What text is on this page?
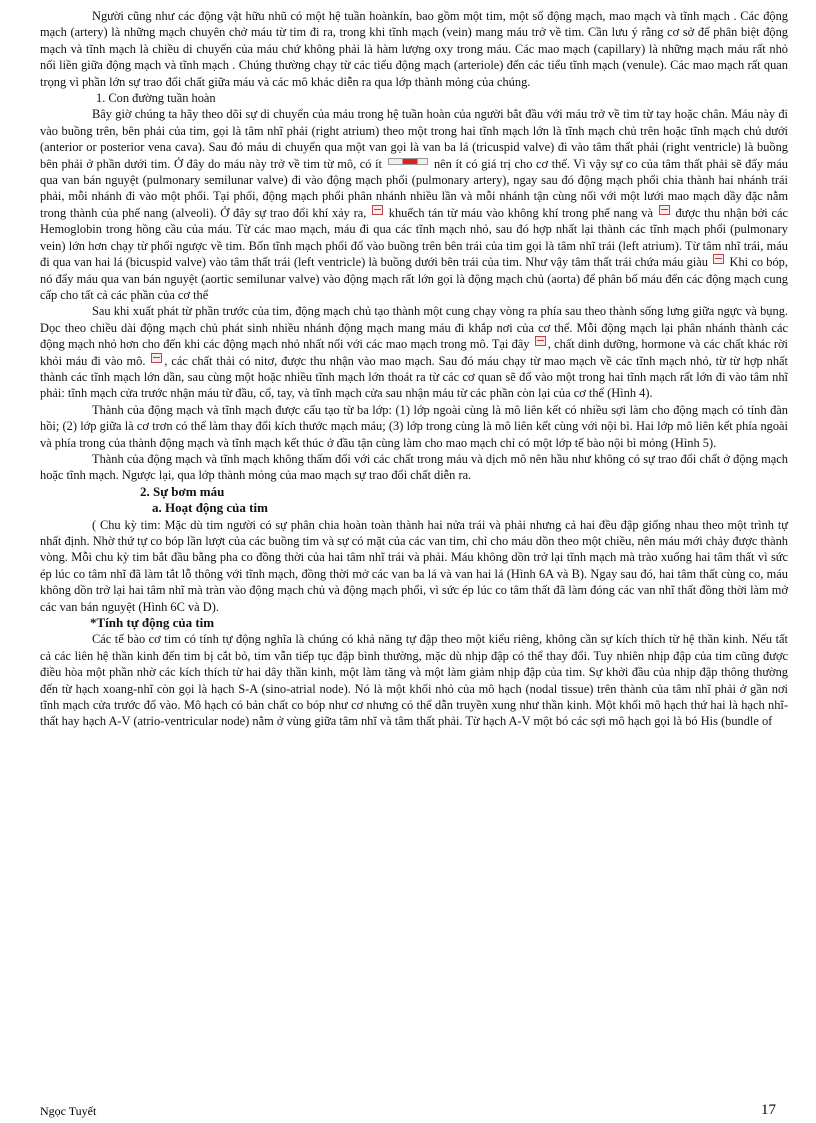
Người cũng như các động vật hữu nhũ có một hệ tuần hoànkín, bao gồm một tim, một số động mạch, mao mạch và tĩnh mạch . Các động mạch (artery) là những mạch chuyên chở máu từ tim đi ra, trong khi tĩnh mạch (vein) mang máu trở về tim. Cần lưu ý rằng cơ sở để phân biệt động mạch và tĩnh mạch là chiều di chuyển của máu chứ không phải là hàm lượng oxy trong máu. Các mao mạch (capillary) là những mạch máu rất nhỏ nối liền giữa động mạch và tĩnh mạch . Chúng thường chạy từ các tiểu động mạch (arteriole) đến các tiểu tĩnh mạch (venule). Các mao mạch rất quan trọng vì phần lớn sự trao đổi chất giữa máu và các mô khác diễn ra qua lớp thành mỏng của chúng.

1. Con đường tuần hoàn

Bây giờ chúng ta hãy theo dõi sự di chuyển của máu trong hệ tuần hoàn của người bắt đầu với máu trở về tim từ tay hoặc chân. Máu này đi vào buồng trên, bên phải của tim, gọi là tâm nhĩ phải (right atrium) theo một trong hai tĩnh mạch lớn là tĩnh mạch chủ trên hoặc tĩnh mạch chủ dưới (anterior or posterior vena cava). Sau đó máu di chuyển qua một van gọi là van ba lá (tricuspid valve) đi vào tâm thất phải (right ventricle) là buồng bên phải ở phần dưới tim. Ở đây do máu này trở về tim từ mô, có ít	nên ít có giá trị cho cơ thể. Vì vậy sự co của tâm thất phải sẽ đẩy máu qua van bán nguyệt (pulmonary semilunar valve) đi vào động mạch phổi (pulmonary artery), ngay sau đó động mạch phổi chia thành hai nhánh trái phải, mỗi nhánh đi vào một phổi. Tại phổi, động mạch phổi phân nhánh nhiều lần và mỗi nhánh tận cùng nối với một lưới mao mạch dầy đặc nằm trong thành của phế nang (alveoli). Ở đây sự trao đổi khí xảy ra, khuếch tán từ máu vào không khí trong phế nang và được thu nhận bởi các Hemoglobin trong hồng cầu của máu. Từ các mao mạch, máu đi qua các tĩnh mạch nhỏ, sau đó hợp nhất lại thành các tĩnh mạch phổi (pulmonary vein) lớn hơn chạy từ phổi ngược về tim. Bốn tĩnh mạch phổi đổ vào buồng trên bên trái của tim gọi là tâm nhĩ trái (left atrium). Từ tâm nhĩ trái, máu đi qua van hai lá (bicuspid valve) vào tâm thất trái (left ventricle) là buồng dưới bên trái của tim. Như vậy tâm thất trái chứa máu giàu Khi co bóp, nó đẩy máu qua van bán nguyệt (aortic semilunar valve) vào động mạch rất lớn gọi là động mạch chủ (aorta) để phân bố máu đến các động mạch cung cấp cho tất cả các phần của cơ thể

Sau khi xuất phát từ phần trước của tim, động mạch chủ tạo thành một cung chạy vòng ra phía sau theo thành sống lưng giữa ngực và bụng. Dọc theo chiều dài động mạch chủ phát sinh nhiều nhánh động mạch mang máu đi khắp nơi của cơ thể. Mỗi động mạch lại phân nhánh thành các động mạch nhỏ hơn cho đến khi các động mạch nhỏ nhất nối với các mao mạch trong mô. Tại đây , chất dinh dưỡng, hormone và các chất khác rời khỏi máu đi vào mô. , các chất thải có nitơ, được thu nhận vào mao mạch. Sau đó máu chạy từ mao mạch về các tĩnh mạch nhỏ, từ từ hợp nhất thành các tĩnh mạch lớn dần, sau cùng một hoặc nhiều tĩnh mạch lớn thoát ra từ các cơ quan sẽ đổ vào một trong hai tĩnh mạch rất lớn đi vào tâm nhĩ phải: tĩnh mạch cửa trước nhận máu từ đầu, cổ, tay, và tĩnh mạch cửa sau nhận máu từ các phần còn lại của cơ thể (Hình 4).

Thành của động mạch và tĩnh mạch được cấu tạo từ ba lớp: (1) lớp ngoài cùng là mô liên kết có nhiều sợi làm cho động mạch có tính đàn hồi; (2) lớp giữa là cơ trơn có thể làm thay đổi kích thước mạch máu; (3) lớp trong cùng là mô liên kết cùng với nội bì. Hai lớp mô liên kết phía ngoài và phía trong của thành động mạch và tĩnh mạch kết thúc ở đầu tận cùng làm cho mao mạch chỉ có một lớp tế bào nội bì mỏng (Hình 5).

Thành của động mạch và tĩnh mạch không thấm đối với các chất trong máu và dịch mô nên hầu như không có sự trao đổi chất ở động mạch hoặc tĩnh mạch. Ngược lại, qua lớp thành mỏng của mao mạch sự trao đổi chất diễn ra.

2. Sự bơm máu

a. Hoạt động của tim

( Chu kỳ tim: Mặc dù tim người có sự phân chia hoàn toàn thành hai nửa trái và phải nhưng cả hai đều đập giống nhau theo một trình tự nhất định. Nhờ thứ tự co bóp lần lượt của các buồng tim và sự có mặt của các van tim, chỉ cho máu dồn theo một chiều, nên máu mới chảy được thành vòng. Mỗi chu kỳ tim bắt đầu bằng pha co đồng thời của hai tâm nhĩ trái và phải. Máu không dồn trở lại tĩnh mạch mà trào xuống hai tâm thất vì sức ép lúc co tâm nhĩ đã làm tắt lỗ thông với tĩnh mạch, đồng thời mở các van ba lá và van hai lá (Hình 6A và B). Ngay sau đó, hai tâm thất cùng co, máu không dồn trở lại hai tâm nhĩ mà tràn vào động mạch chủ và động mạch phổi, vì sức ép lúc co tâm thất đã làm đóng các van nhĩ thất đồng thời làm mở các van bán nguyệt (Hình 6C và D).

*Tính tự động của tim

Các tế bào cơ tim có tính tự động nghĩa là chúng có khả năng tự đập theo một kiểu riêng, không cần sự kích thích từ hệ thần kinh. Nếu tất cả các liên hệ thần kinh đến tim bị cắt bỏ, tim vẫn tiếp tục đập bình thường, mặc dù nhịp đập có thể thay đổi. Tuy nhiên nhịp đập của tim cũng được điều hòa một phần nhờ các kích thích từ hai dây thần kinh, một làm tăng và một làm giảm nhịp đập của tim. Sự khởi đầu của nhịp đập thông thường đến từ hạch xoang-nhĩ còn gọi là hạch S-A (sino-atrial node). Nó là một khối nhỏ của mô hạch (nodal tissue) trên thành của tâm nhĩ phải ở gần nơi tĩnh mạch cửa trước đổ vào. Mô hạch có bản chất co bóp như cơ nhưng có thể dẫn truyền xung như thần kinh. Một khối mô hạch thứ hai là hạch nhĩ-thất hay hạch A-V (atrio-ventricular node) nằm ở vùng giữa tâm nhĩ và tâm thất phải. Từ hạch A-V một bó các sợi mô hạch gọi là bó His (bundle of

Ngọc Tuyết	17
